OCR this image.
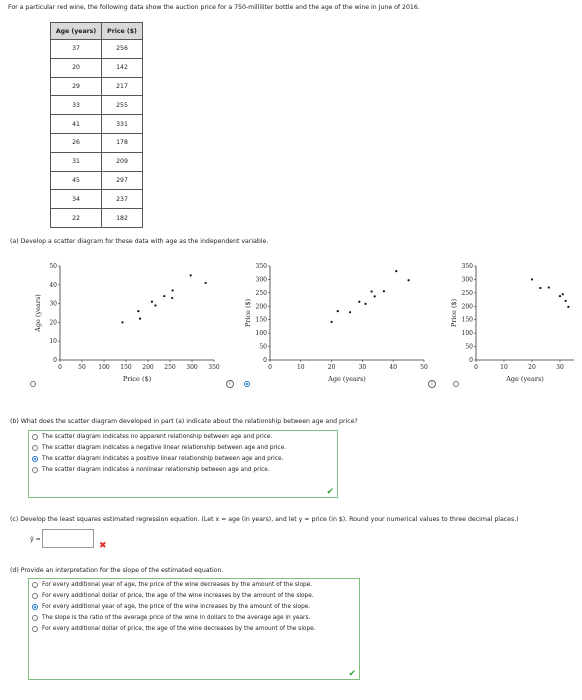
For a particular red wine, the following data show the auction price for a 750-milliliter bottle and the age of the wine in June of 2016.
Age (years)	Price ($)
37	256
20	142
29	217
33	255
41	331
26	178
31	209
45	297
34	237
22	182
(a) Develop a scatter diagram for these data with age as the independent variable.
0	50 100 150 200 250 300 350
0
10
20
30
40
50
Price ($)
Age (years)
0	10	20	30	40	50
0
50
100
150
200
250
300
350
Age (years)
Price ($)
0	10	20	30
0
50
100
150
200
250
300
350
Age (years)
Price ($)

i
	i
(b) What does the scatter diagram developed in part (a) indicate about the relationship between age and price?
The scatter diagram indicates no apparent relationship between age and price.
The scatter diagram indicates a negative linear relationship between age and price.
The scatter diagram indicates a positive linear relationship between age and price.
The scatter diagram indicates a nonlinear relationship between age and price.
✔
(c) Develop the least squares estimated regression equation. (Let x = age (in years), and let y = price (in $). Round your numerical values to three decimal places.)
ŷ =
✖
(d) Provide an interpretation for the slope of the estimated equation.
For every additional year of age, the price of the wine decreases by the amount of the slope.
For every additional dollar of price, the age of the wine increases by the amount of the slope.
For every additional year of age, the price of the wine increases by the amount of the slope.
The slope is the ratio of the average price of the wine in dollars to the average age in years.
For every additional dollar of price, the age of the wine decreases by the amount of the slope.
✔
